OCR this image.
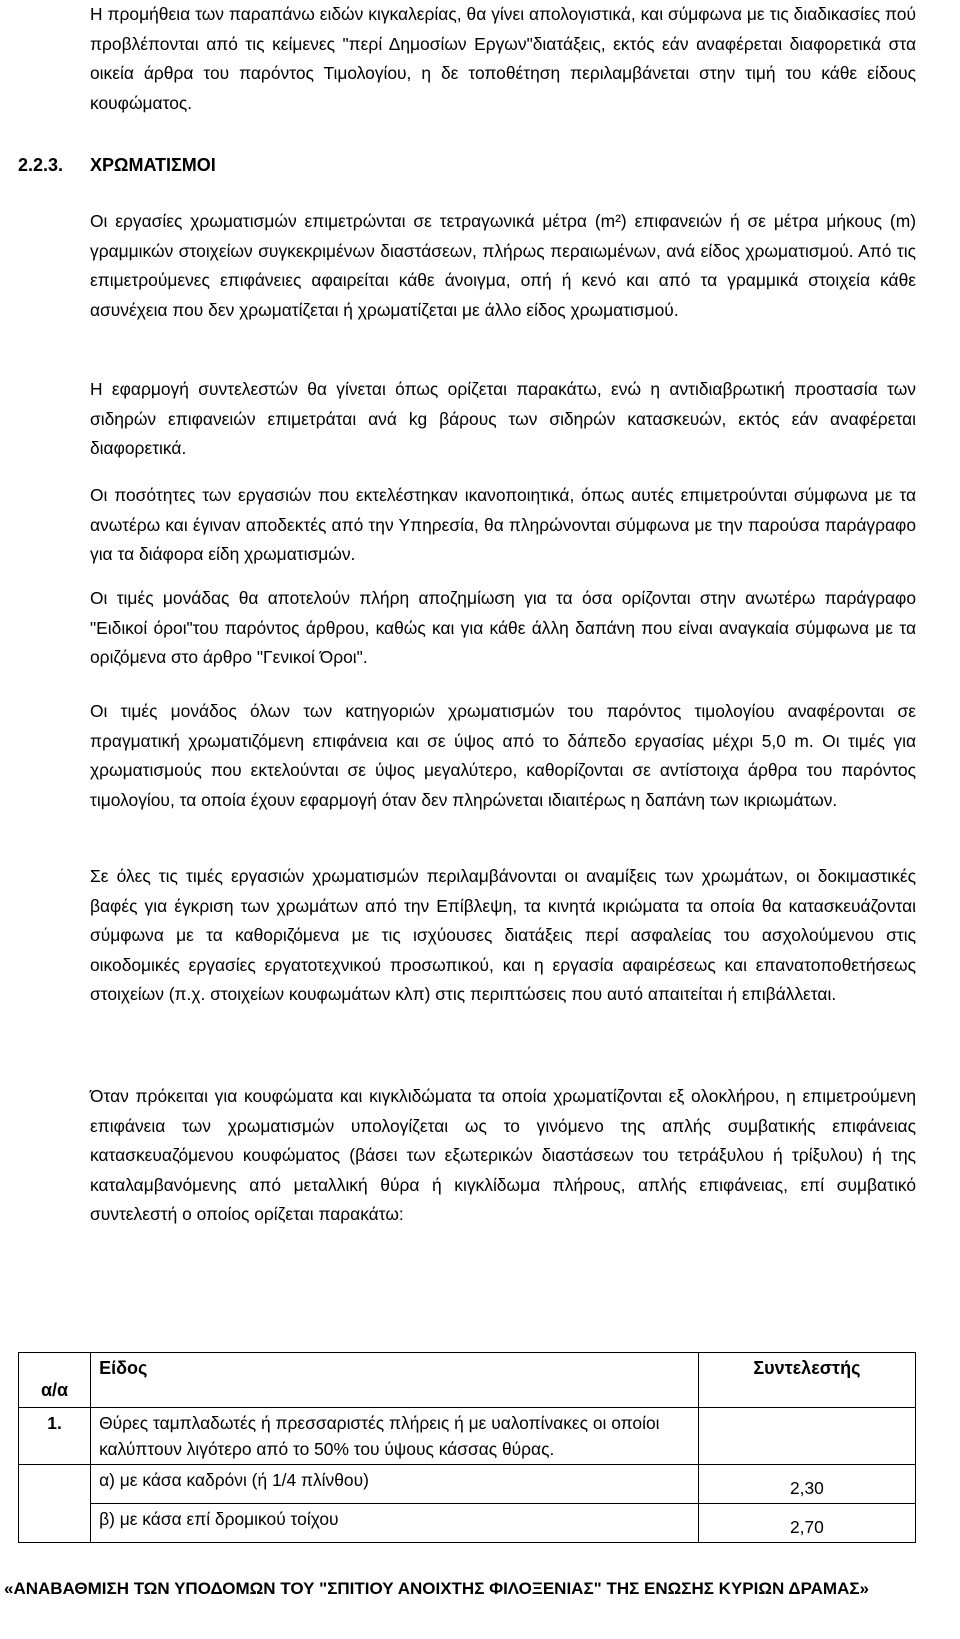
Η προμήθεια των παραπάνω ειδών κιγκαλερίας, θα γίνει απολογιστικά, και σύμφωνα με τις διαδικασίες πού προβλέπονται από τις κείμενες "περί Δημοσίων Εργων"διατάξεις, εκτός εάν αναφέρεται διαφορετικά στα οικεία άρθρα του παρόντος Τιμολογίου, η δε τοποθέτηση περιλαμβάνεται στην τιμή του κάθε είδους κουφώματος.

2.2.3. ΧΡΩΜΑΤΙΣΜΟΙ

Οι εργασίες χρωματισμών επιμετρώνται σε τετραγωνικά μέτρα (m²) επιφανειών ή σε μέτρα μήκους (m) γραμμικών στοιχείων συγκεκριμένων διαστάσεων, πλήρως περαιωμένων, ανά είδος χρωματισμού. Από τις επιμετρούμενες επιφάνειες αφαιρείται κάθε άνοιγμα, οπή ή κενό και από τα γραμμικά στοιχεία κάθε ασυνέχεια που δεν χρωματίζεται ή χρωματίζεται με άλλο είδος χρωματισμού.

Η εφαρμογή συντελεστών θα γίνεται όπως ορίζεται παρακάτω, ενώ η αντιδιαβρωτική προστασία των σιδηρών επιφανειών επιμετράται ανά kg βάρους των σιδηρών κατασκευών, εκτός εάν αναφέρεται διαφορετικά.

Οι ποσότητες των εργασιών που εκτελέστηκαν ικανοποιητικά, όπως αυτές επιμετρούνται σύμφωνα με τα ανωτέρω και έγιναν αποδεκτές από την Υπηρεσία, θα πληρώνονται σύμφωνα με την παρούσα παράγραφο για τα διάφορα είδη χρωματισμών.

Οι τιμές μονάδας θα αποτελούν πλήρη αποζημίωση για τα όσα ορίζονται στην ανωτέρω παράγραφο "Ειδικοί όροι"του παρόντος άρθρου, καθώς και για κάθε άλλη δαπάνη που είναι αναγκαία σύμφωνα με τα οριζόμενα στο άρθρο "Γενικοί Όροι".

Οι τιμές μονάδος όλων των κατηγοριών χρωματισμών του παρόντος τιμολογίου αναφέρονται σε πραγματική χρωματιζόμενη επιφάνεια και σε ύψος από το δάπεδο εργασίας μέχρι 5,0 m. Οι τιμές για χρωματισμούς που εκτελούνται σε ύψος μεγαλύτερο, καθορίζονται σε αντίστοιχα άρθρα του παρόντος τιμολογίου, τα οποία έχουν εφαρμογή όταν δεν πληρώνεται ιδιαιτέρως η δαπάνη των ικριωμάτων.

Σε όλες τις τιμές εργασιών χρωματισμών περιλαμβάνονται οι αναμίξεις των χρωμάτων, οι δοκιμαστικές βαφές για έγκριση των χρωμάτων από την Επίβλεψη, τα κινητά ικριώματα τα οποία θα κατασκευάζονται σύμφωνα με τα καθοριζόμενα με τις ισχύουσες διατάξεις περί ασφαλείας του ασχολούμενου στις οικοδομικές εργασίες εργατοτεχνικού προσωπικού, και η εργασία αφαιρέσεως και επανατοποθετήσεως στοιχείων (π.χ. στοιχείων κουφωμάτων κλπ) στις περιπτώσεις που αυτό απαιτείται ή επιβάλλεται.

Όταν πρόκειται για κουφώματα και κιγκλιδώματα τα οποία χρωματίζονται εξ ολοκλήρου, η επιμετρούμενη επιφάνεια των χρωματισμών υπολογίζεται ως το γινόμενο της απλής συμβατικής επιφάνειας κατασκευαζόμενου κουφώματος (βάσει των εξωτερικών διαστάσεων του τετράξυλου ή τρίξυλου) ή της καταλαμβανόμενης από μεταλλική θύρα ή κιγκλίδωμα πλήρους, απλής επιφάνειας, επί συμβατικό συντελεστή ο οποίος ορίζεται παρακάτω:

α/α	Είδος	Συντελεστής
1.	Θύρες ταμπλαδωτές ή πρεσσαριστές πλήρεις ή με υαλοπίνακες οι οποίοι καλύπτουν λιγότερο από το 50% του ύψους κάσσας θύρας.	
	α) με κάσα καδρόνι (ή 1/4 πλίνθου)	2,30
	β) με κάσα επί δρομικού τοίχου	2,70

«ΑΝΑΒΑΘΜΙΣΗ ΤΩΝ ΥΠΟΔΟΜΩΝ ΤΟΥ "ΣΠΙΤΙΟΥ ΑΝΟΙΧΤΗΣ ΦΙΛΟΞΕΝΙΑΣ" ΤΗΣ ΕΝΩΣΗΣ ΚΥΡΙΩΝ ΔΡΑΜΑΣ»
